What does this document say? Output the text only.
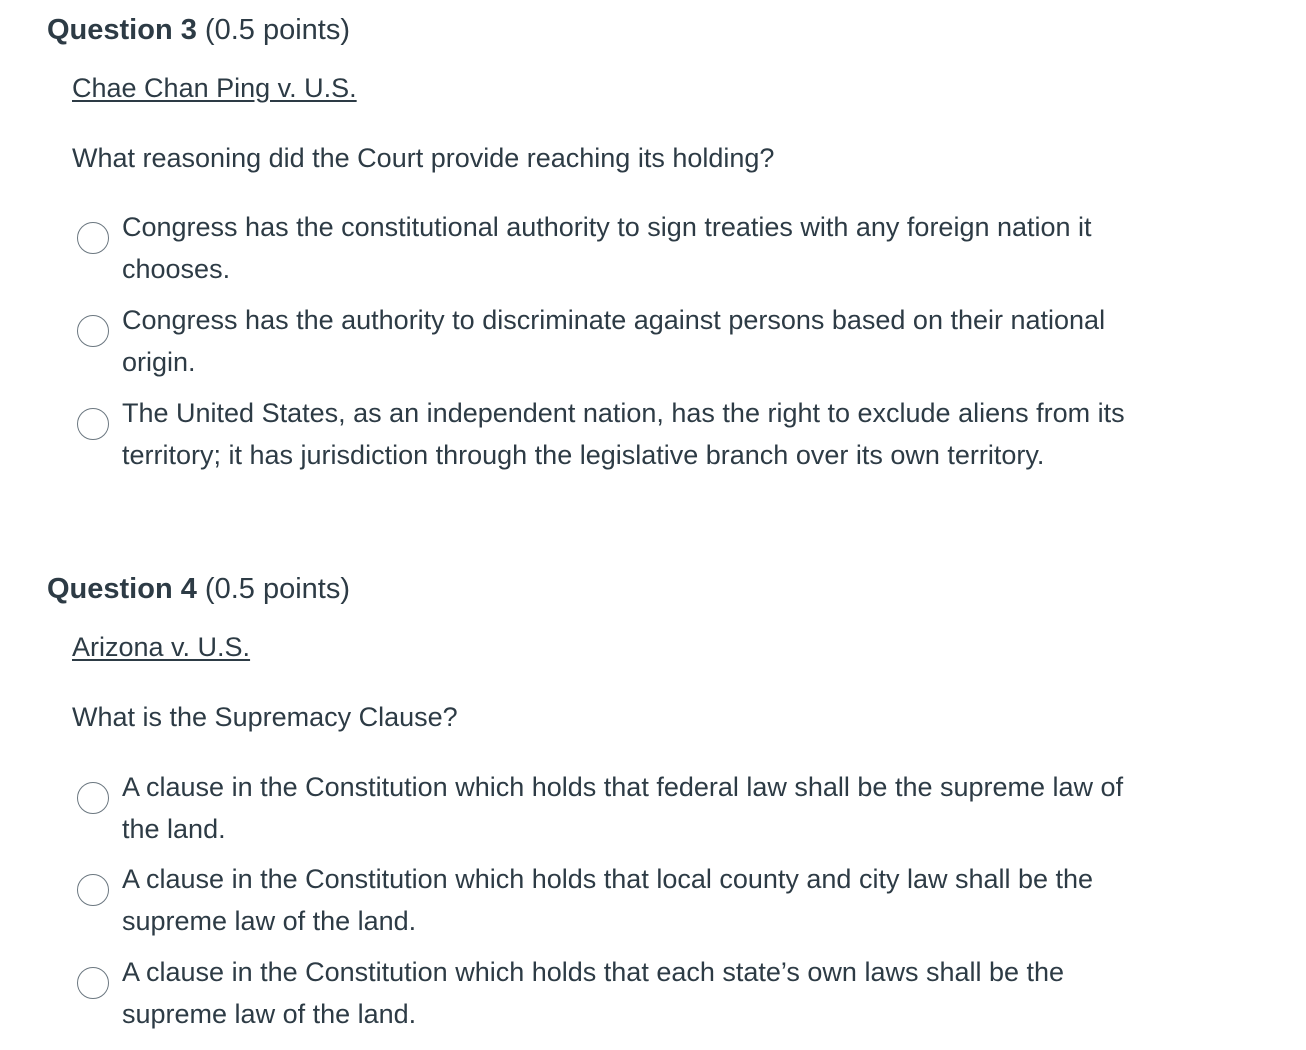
Question 3 (0.5 points)
Chae Chan Ping v. U.S.
What reasoning did the Court provide reaching its holding?
Congress has the constitutional authority to sign treaties with any foreign nation it chooses.
Congress has the authority to discriminate against persons based on their national origin.
The United States, as an independent nation, has the right to exclude aliens from its territory; it has jurisdiction through the legislative branch over its own territory.
Question 4 (0.5 points)
Arizona v. U.S.
What is the Supremacy Clause?
A clause in the Constitution which holds that federal law shall be the supreme law of the land.
A clause in the Constitution which holds that local county and city law shall be the supreme law of the land.
A clause in the Constitution which holds that each state’s own laws shall be the supreme law of the land.
